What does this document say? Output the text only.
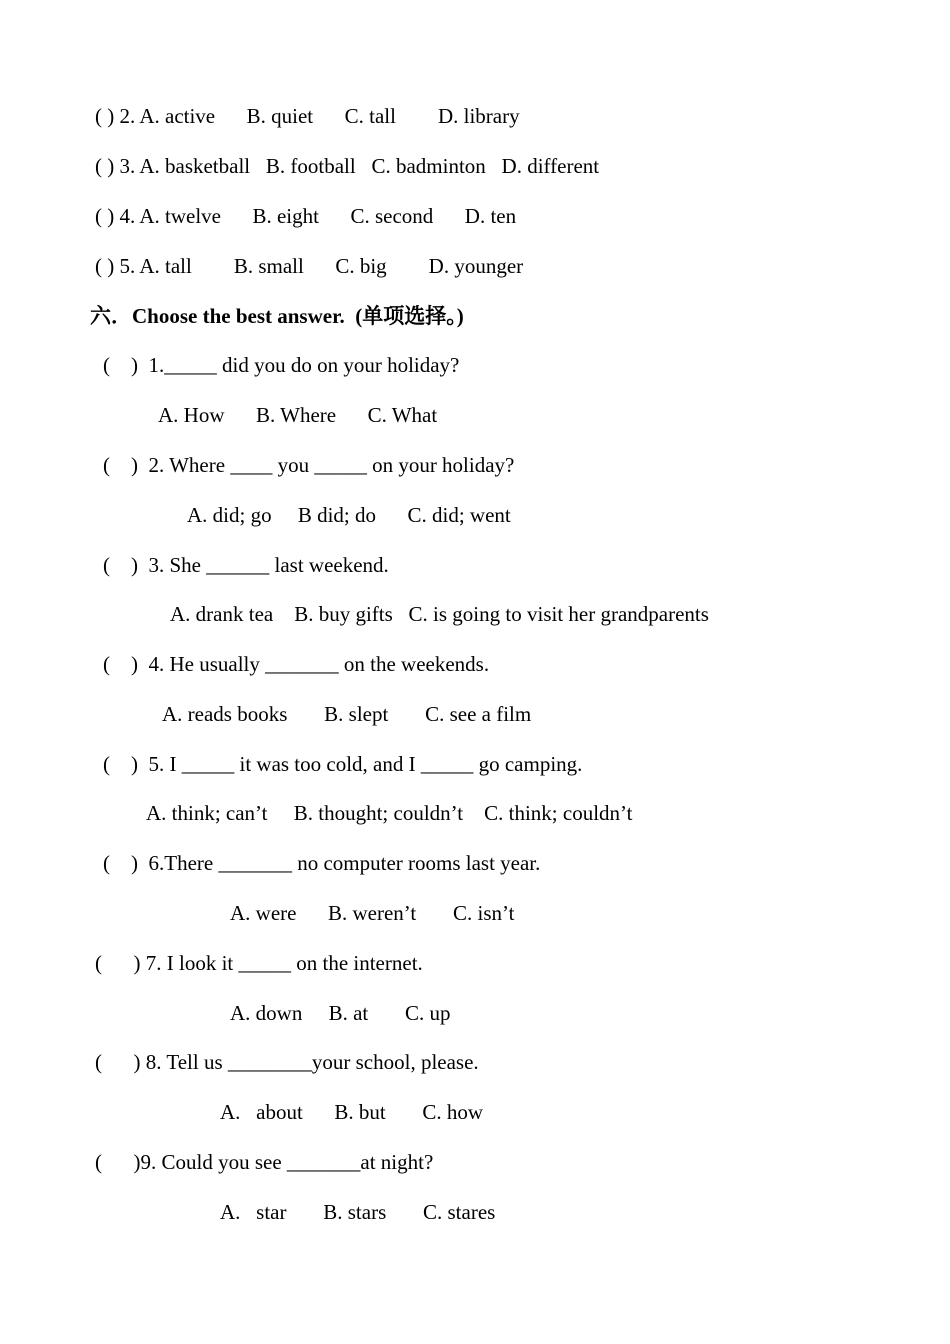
( ) 2. A. active      B. quiet      C. tall        D. library
( ) 3. A. basketball   B. football   C. badminton   D. different
( ) 4. A. twelve      B. eight      C. second      D. ten
( ) 5. A. tall        B. small      C. big        D. younger
六．Choose the best answer.  (单项选择。)
(    )  1._____ did you do on your holiday?
A. How      B. Where      C. What
(    )  2. Where ____ you _____ on your holiday?
A. did; go     B did; do      C. did; went
(    )  3. She ______ last weekend.
A. drank tea    B. buy gifts   C. is going to visit her grandparents
(    )  4. He usually _______ on the weekends.
A. reads books       B. slept       C. see a film
(    )  5. I _____ it was too cold, and I _____ go camping.
A. think; can’t     B. thought; couldn’t    C. think; couldn’t
(    )  6.There _______ no computer rooms last year.
A. were      B. weren’t       C. isn’t
(      ) 7. I look it _____ on the internet.
A. down     B. at       C. up
(      ) 8. Tell us ________your school, please.
A.   about      B. but       C. how
(      )9. Could you see _______at night?
A.   star       B. stars       C. stares
